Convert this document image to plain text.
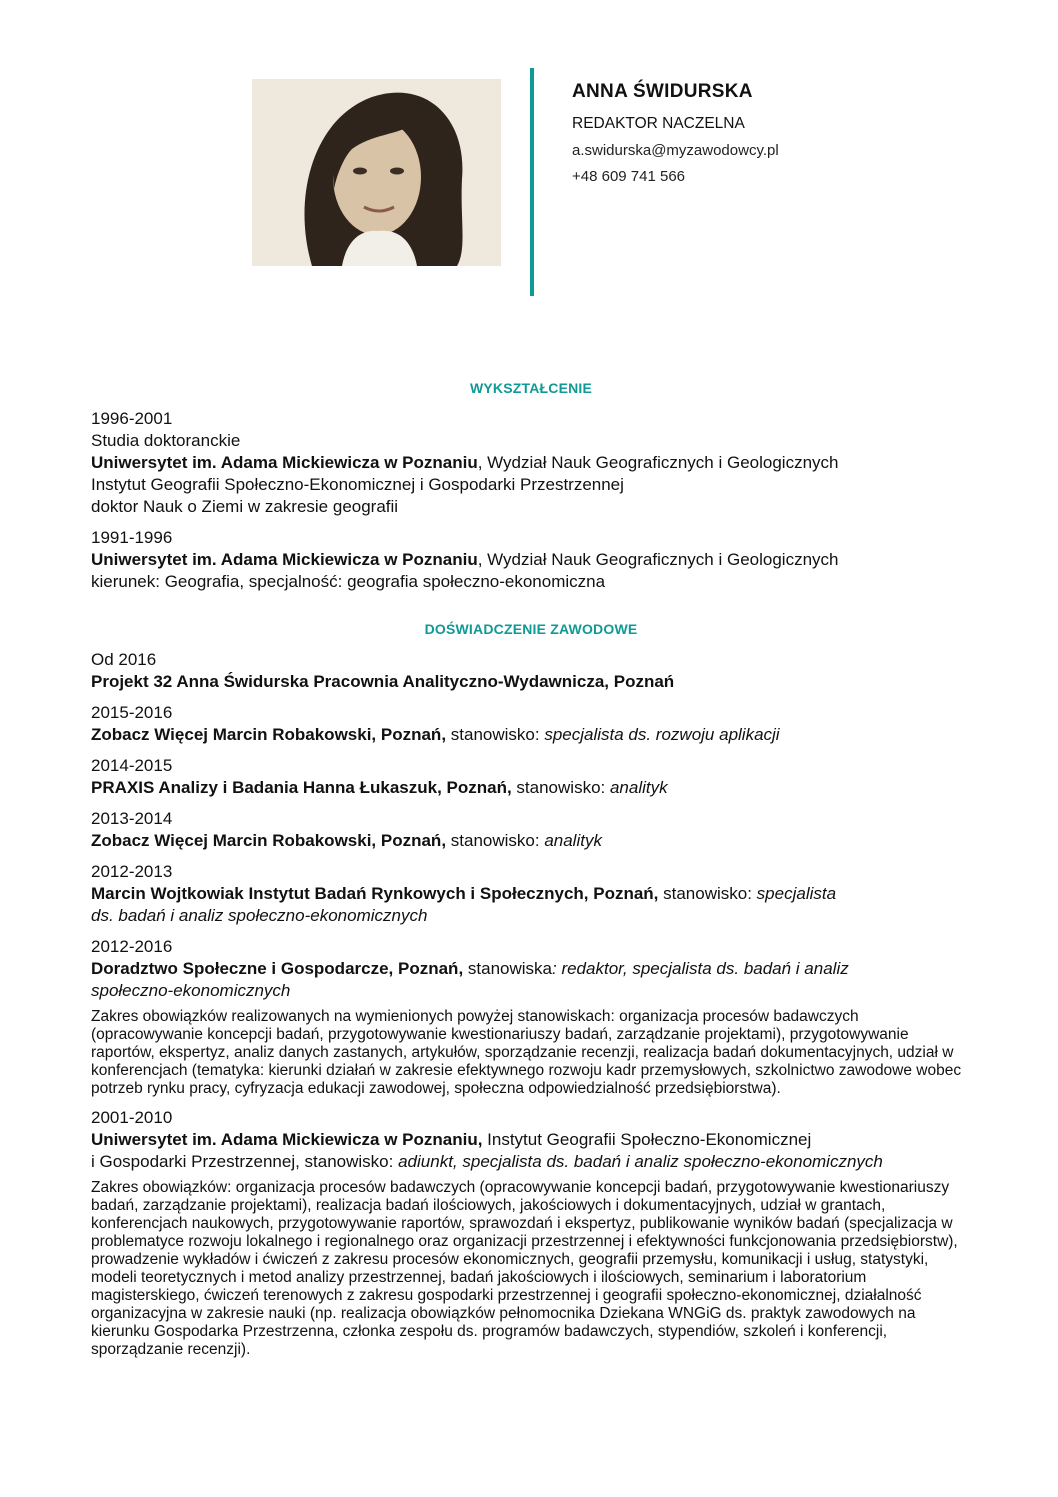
ANNA ŚWIDURSKA
REDAKTOR NACZELNA
a.swidurska@myzawodowcy.pl
+48 609 741 566
WYKSZTAŁCENIE
1996-2001
Studia doktoranckie
Uniwersytet im. Adama Mickiewicza w Poznaniu, Wydział Nauk Geograficznych i Geologicznych
Instytut Geografii Społeczno-Ekonomicznej i Gospodarki Przestrzennej
doktor Nauk o Ziemi w zakresie geografii
1991-1996
Uniwersytet im. Adama Mickiewicza w Poznaniu, Wydział Nauk Geograficznych i Geologicznych
kierunek: Geografia, specjalność: geografia społeczno-ekonomiczna
DOŚWIADCZENIE ZAWODOWE
Od 2016
Projekt 32 Anna Świdurska Pracownia Analityczno-Wydawnicza, Poznań
2015-2016
Zobacz Więcej Marcin Robakowski, Poznań, stanowisko: specjalista ds. rozwoju aplikacji
2014-2015
PRAXIS Analizy i Badania Hanna Łukaszuk, Poznań, stanowisko: analityk
2013-2014
Zobacz Więcej Marcin Robakowski, Poznań, stanowisko: analityk
2012-2013
Marcin Wojtkowiak Instytut Badań Rynkowych i Społecznych, Poznań, stanowisko: specjalista
ds. badań i analiz społeczno-ekonomicznych
2012-2016
Doradztwo Społeczne i Gospodarcze, Poznań, stanowiska: redaktor, specjalista ds. badań i analiz
społeczno-ekonomicznych
Zakres obowiązków realizowanych na wymienionych powyżej stanowiskach: organizacja procesów badawczych (opracowywanie koncepcji badań, przygotowywanie kwestionariuszy badań, zarządzanie projektami), przygotowywanie raportów, ekspertyz, analiz danych zastanych, artykułów, sporządzanie recenzji, realizacja badań dokumentacyjnych, udział w konferencjach (tematyka: kierunki działań w zakresie efektywnego rozwoju kadr przemysłowych, szkolnictwo zawodowe wobec potrzeb rynku pracy, cyfryzacja edukacji zawodowej, społeczna odpowiedzialność przedsiębiorstwa).
2001-2010
Uniwersytet im. Adama Mickiewicza w Poznaniu, Instytut Geografii Społeczno-Ekonomicznej
i Gospodarki Przestrzennej, stanowisko: adiunkt, specjalista ds. badań i analiz społeczno-ekonomicznych
Zakres obowiązków: organizacja procesów badawczych (opracowywanie koncepcji badań, przygotowywanie kwestionariuszy badań, zarządzanie projektami), realizacja badań ilościowych, jakościowych i dokumentacyjnych, udział w grantach, konferencjach naukowych, przygotowywanie raportów, sprawozdań i ekspertyz, publikowanie wyników badań (specjalizacja w problematyce rozwoju lokalnego i regionalnego oraz organizacji przestrzennej i efektywności funkcjonowania przedsiębiorstw), prowadzenie wykładów i ćwiczeń z zakresu procesów ekonomicznych, geografii przemysłu, komunikacji i usług, statystyki, modeli teoretycznych i metod analizy przestrzennej, badań jakościowych i ilościowych, seminarium i laboratorium magisterskiego, ćwiczeń terenowych z zakresu gospodarki przestrzennej i geografii społeczno-ekonomicznej, działalność organizacyjna w zakresie nauki (np. realizacja obowiązków pełnomocnika Dziekana WNGiG ds. praktyk zawodowych na kierunku Gospodarka Przestrzenna, członka zespołu ds. programów badawczych, stypendiów, szkoleń i konferencji, sporządzanie recenzji).
